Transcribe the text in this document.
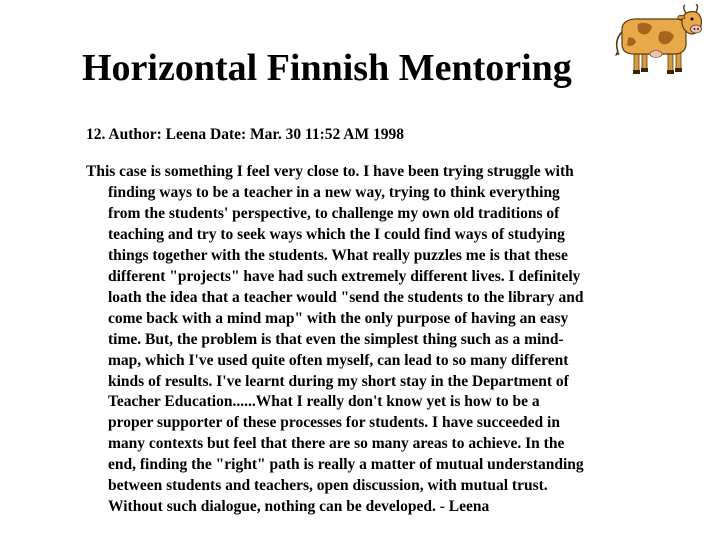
Horizontal Finnish Mentoring
12. Author: Leena Date: Mar. 30 11:52 AM 1998
This case is something I feel very close to. I have been trying struggle with
finding ways to be a teacher in a new way, trying to think everything
from the students' perspective, to challenge my own old traditions of
teaching and try to seek ways which the I could find ways of studying
things together with the students. What really puzzles me is that these
different "projects" have had such extremely different lives. I definitely
loath the idea that a teacher would "send the students to the library and
come back with a mind map" with the only purpose of having an easy
time. But, the problem is that even the simplest thing such as a mind-
map, which I've used quite often myself, can lead to so many different
kinds of results. I've learnt during my short stay in the Department of
Teacher Education......What I really don't know yet is how to be a
proper supporter of these processes for students. I have succeeded in
many contexts but feel that there are so many areas to achieve. In the
end, finding the "right" path is really a matter of mutual understanding
between students and teachers, open discussion, with mutual trust.
Without such dialogue, nothing can be developed. - Leena
